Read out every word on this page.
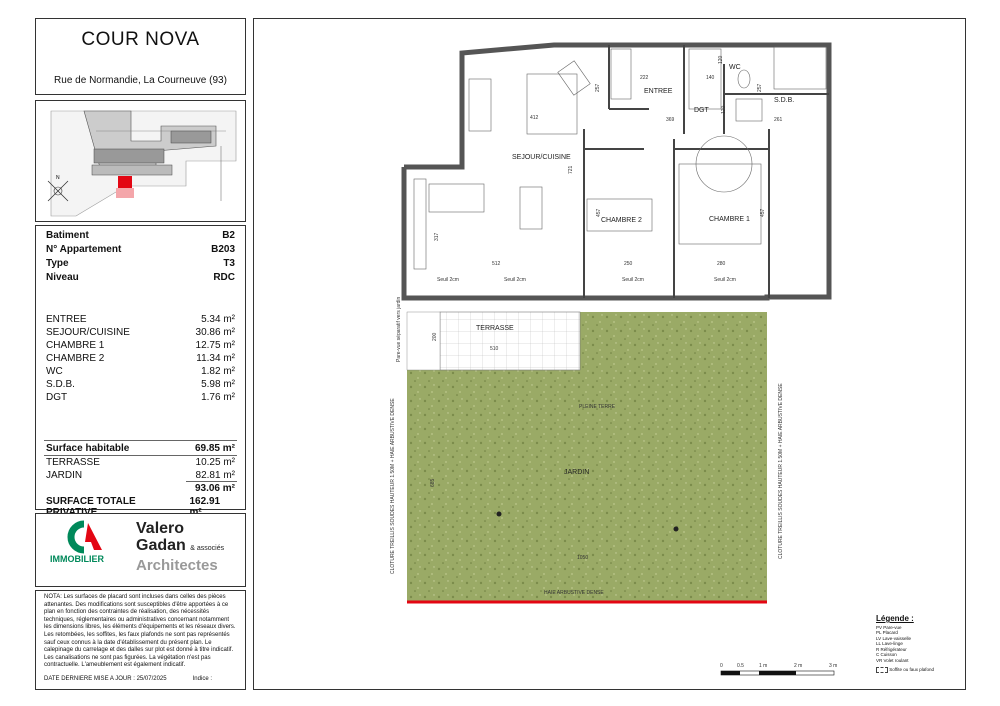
COUR NOVA
Rue de Normandie, La Courneuve (93)
N
Batiment	B2
N° Appartement	B203
Type	T3
Niveau	RDC
ENTREE	5.34 m²
SEJOUR/CUISINE	30.86 m²
CHAMBRE 1	12.75 m²
CHAMBRE 2	11.34 m²
WC	1.82 m²
S.D.B.	5.98 m²
DGT	1.76 m²
Surface habitable	69.85 m²
TERRASSE	10.25 m²
JARDIN	82.81 m²
93.06 m²
SURFACE TOTALE	162.91
IMMOBILIER
Valero
Gadan & associés
Architectes
NOTA: Les surfaces de placard sont incluses dans celles des pièces attenantes. Des modifications sont susceptibles d'être apportées à ce plan en fonction des contraintes de réalisation, des nécessités techniques, réglementaires ou administratives concernant notamment les dimensions libres, les éléments d'équipements et les réseaux divers. Les retombées, les soffites, les faux plafonds ne sont pas représentés sauf ceux connus à la date d'établissement du présent plan. Le calepinage du carrelage et des dalles sur plot est donné à titre indicatif. Les canalisations ne sont pas figurées. La végétation n'est pas contractuelle. L'ameublement est également indicatif.
DATE DERNIERE MISE A JOUR : 25/07/2025	Indice :
SEJOUR/CUISINE
CHAMBRE 2	CHAMBRE 1
ENTREE
WC
DGT
S.D.B.
TERRASSE
JARDIN
PLEINE TERRE
412
721
257
222	140
120
120
257
369	261
457	457
317
512	250	280
200
510
685
1050
Seuil 2cm	Seuil 2cm	Seuil 2cm	Seuil 2cm
HAIE ARBUSTIVE DENSE
CLOTURE TREILLIS SOUDES HAUTEUR 1.50M + HAIE ARBUSTIVE DENSE	CLOTURE TREILLIS SOUDES HAUTEUR 1.50M + HAIE ARBUSTIVE DENSE
Pare-vue séparatif vers jardin
0	0.5	1 m	2 m	3 m
Légende :
PV Pare-vue
PL Placard
LV Lave-vaisselle
LL Lave-linge
R Réfrigérateur
C Cuisson
VR Volet roulant
Soffite ou faux plafond
